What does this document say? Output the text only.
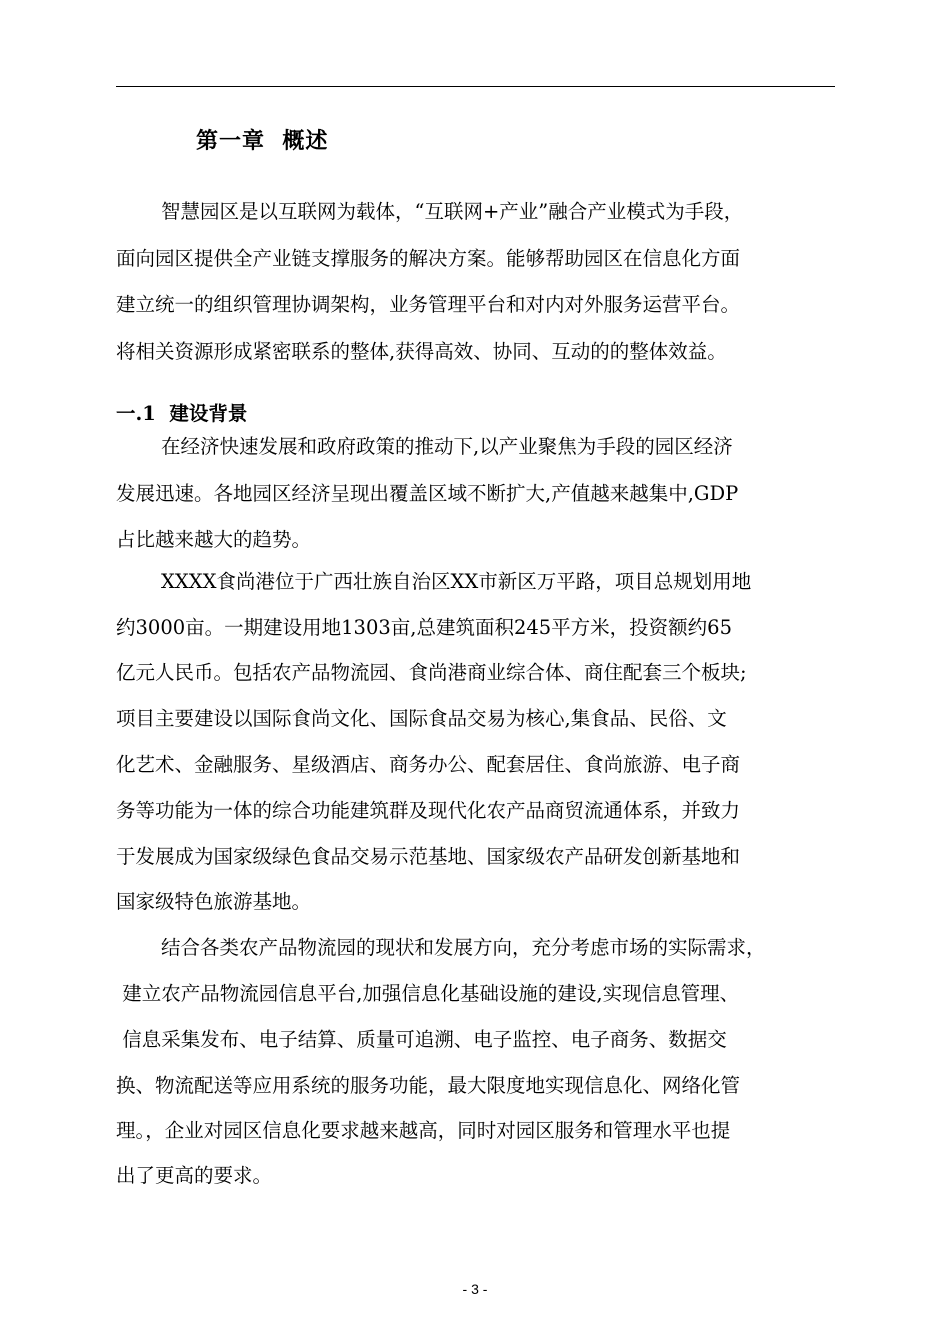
第一章  概述
智慧园区是以互联网为载体，“互联网+产业”融合产业模式为手段，
面向园区提供全产业链支撑服务的解决方案。能够帮助园区在信息化方面
建立统一的组织管理协调架构，业务管理平台和对内对外服务运营平台。
将相关资源形成紧密联系的整体,获得高效、协同、互动的的整体效益。
一.1  建设背景
在经济快速发展和政府政策的推动下,以产业聚焦为手段的园区经济
发展迅速。各地园区经济呈现出覆盖区域不断扩大,产值越来越集中,GDP
占比越来越大的趋势。
XXXX食尚港位于广西壮族自治区XX市新区万平路，项目总规划用地
约3000亩。一期建设用地1303亩,总建筑面积245平方米，投资额约65
亿元人民币。包括农产品物流园、食尚港商业综合体、商住配套三个板块;
项目主要建设以国际食尚文化、国际食品交易为核心,集食品、民俗、文
化艺术、金融服务、星级酒店、商务办公、配套居住、食尚旅游、电子商
务等功能为一体的综合功能建筑群及现代化农产品商贸流通体系，并致力
于发展成为国家级绿色食品交易示范基地、国家级农产品研发创新基地和
国家级特色旅游基地。
结合各类农产品物流园的现状和发展方向，充分考虑市场的实际需求，
建立农产品物流园信息平台,加强信息化基础设施的建设,实现信息管理、
信息采集发布、电子结算、质量可追溯、电子监控、电子商务、数据交
换、物流配送等应用系统的服务功能，最大限度地实现信息化、网络化管
理。，企业对园区信息化要求越来越高，同时对园区服务和管理水平也提
出了更高的要求。
- 3 -
